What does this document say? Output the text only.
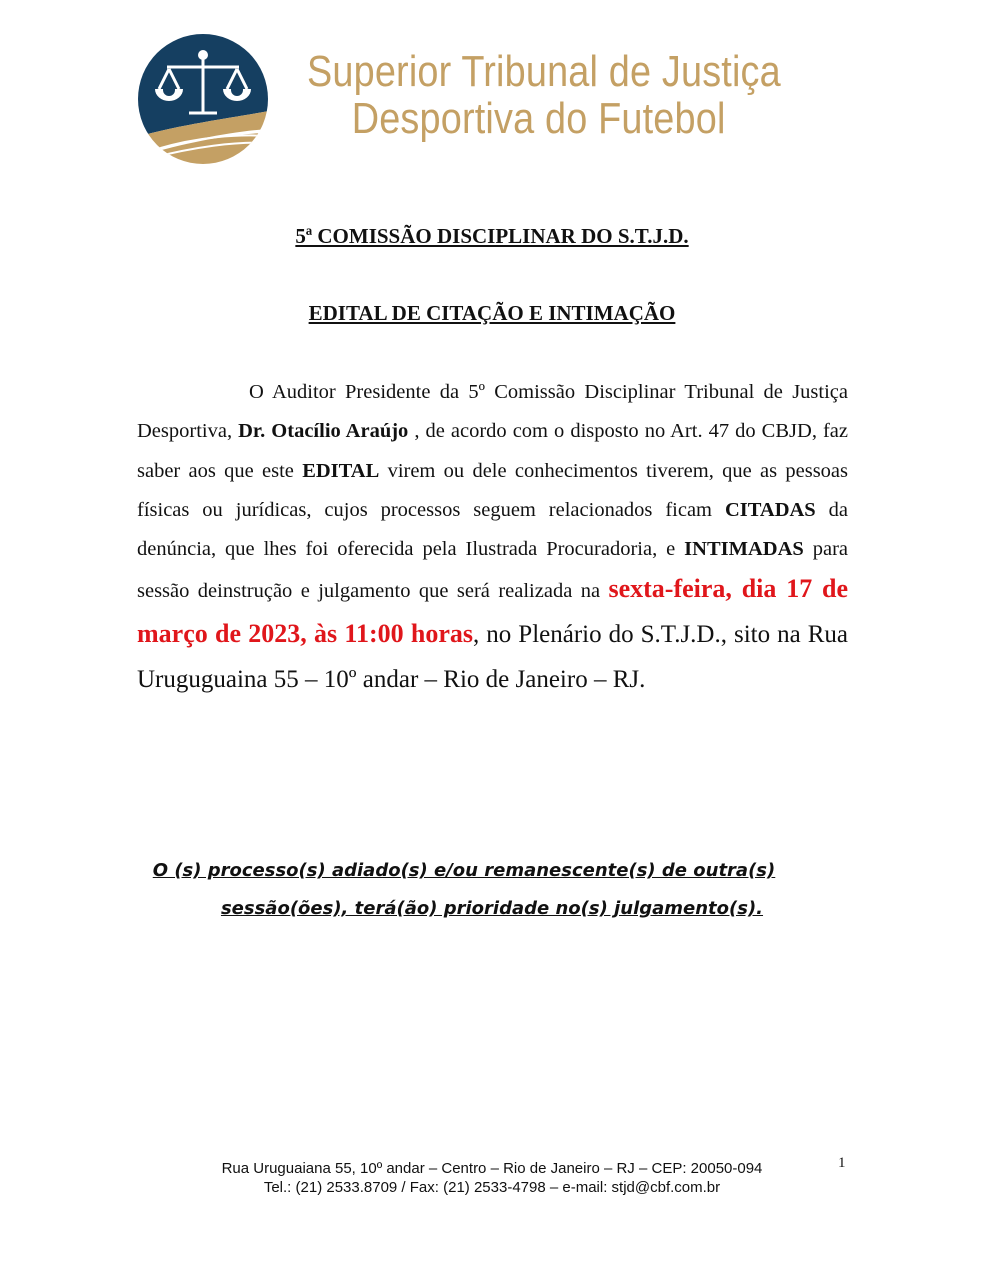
Superior Tribunal de Justiça
Desportiva do Futebol
5ª COMISSÃO DISCIPLINAR DO S.T.J.D.
EDITAL DE CITAÇÃO E INTIMAÇÃO

O Auditor Presidente da 5º Comissão Disciplinar Tribunal de Justiça Desportiva, Dr. Otacílio Araújo , de acordo com o disposto no Art. 47 do CBJD, faz saber aos que este EDITAL virem ou dele conhecimentos tiverem, que as pessoas físicas ou jurídicas, cujos processos seguem relacionados ficam CITADAS da denúncia, que lhes foi oferecida pela Ilustrada Procuradoria, e INTIMADAS para sessão deinstrução e julgamento que será realizada na sexta-feira, dia 17 de março de 2023, às 11:00 horas, no Plenário do S.T.J.D., sito na Rua Uruguguaina 55 – 10º andar – Rio de Janeiro – RJ.

O (s) processo(s) adiado(s) e/ou remanescente(s) de outra(s)
sessão(ões), terá(ão) prioridade no(s) julgamento(s).
Rua Uruguaiana 55, 10º andar – Centro – Rio de Janeiro – RJ – CEP: 20050-094
Tel.: (21) 2533.8709 / Fax: (21) 2533-4798 – e-mail: stjd@cbf.com.br
1
